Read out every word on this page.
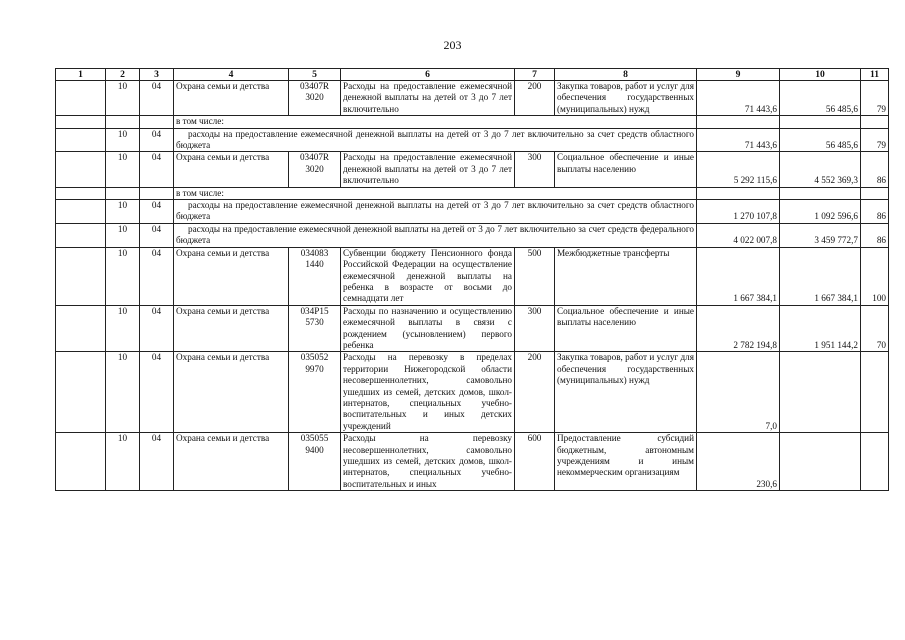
203
1	2	3	4	5	6	7	8	9	10	11
	10	04	Охрана семьи и детства	03407R 3020	Расходы на предоставление ежемесячной денежной выплаты на детей от 3 до 7 лет включительно	200	Закупка товаров, работ и услуг для обеспечения государственных (муниципальных) нужд	71 443,6	56 485,6	79
			в том числе:							
	10	04	расходы на предоставление ежемесячной денежной выплаты на детей от 3 до 7 лет включительно за счет средств областного бюджета					71 443,6	56 485,6	79
	10	04	Охрана семьи и детства	03407R 3020	Расходы на предоставление ежемесячной денежной выплаты на детей от 3 до 7 лет включительно	300	Социальное обеспечение и иные выплаты населению	5 292 115,6	4 552 369,3	86
			в том числе:							
	10	04	расходы на предоставление ежемесячной денежной выплаты на детей от 3 до 7 лет включительно за счет средств областного бюджета					1 270 107,8	1 092 596,6	86
	10	04	расходы на предоставление ежемесячной денежной выплаты на детей от 3 до 7 лет включительно за счет средств федерального бюджета					4 022 007,8	3 459 772,7	86
	10	04	Охрана семьи и детства	034083 1440	Субвенции бюджету Пенсионного фонда Российской Федерации на осуществление ежемесячной денежной выплаты на ребенка в возрасте от восьми до семнадцати лет	500	Межбюджетные трансферты	1 667 384,1	1 667 384,1	100
	10	04	Охрана семьи и детства	034P15 5730	Расходы по назначению и осуществлению ежемесячной выплаты в связи с рождением (усыновлением) первого ребенка	300	Социальное обеспечение и иные выплаты населению	2 782 194,8	1 951 144,2	70
	10	04	Охрана семьи и детства	035052 9970	Расходы на перевозку в пределах территории Нижегородской области несовершеннолетних, самовольно ушедших из семей, детских домов, школ-интернатов, специальных учебно-воспитательных и иных детских учреждений	200	Закупка товаров, работ и услуг для обеспечения государственных (муниципальных) нужд	7,0		
	10	04	Охрана семьи и детства	035055 9400	Расходы на перевозку несовершеннолетних, самовольно ушедших из семей, детских домов, школ-интернатов, специальных учебно-воспитательных и иных	600	Предоставление субсидий бюджетным, автономным учреждениям и иным некоммерческим организациям	230,6		
